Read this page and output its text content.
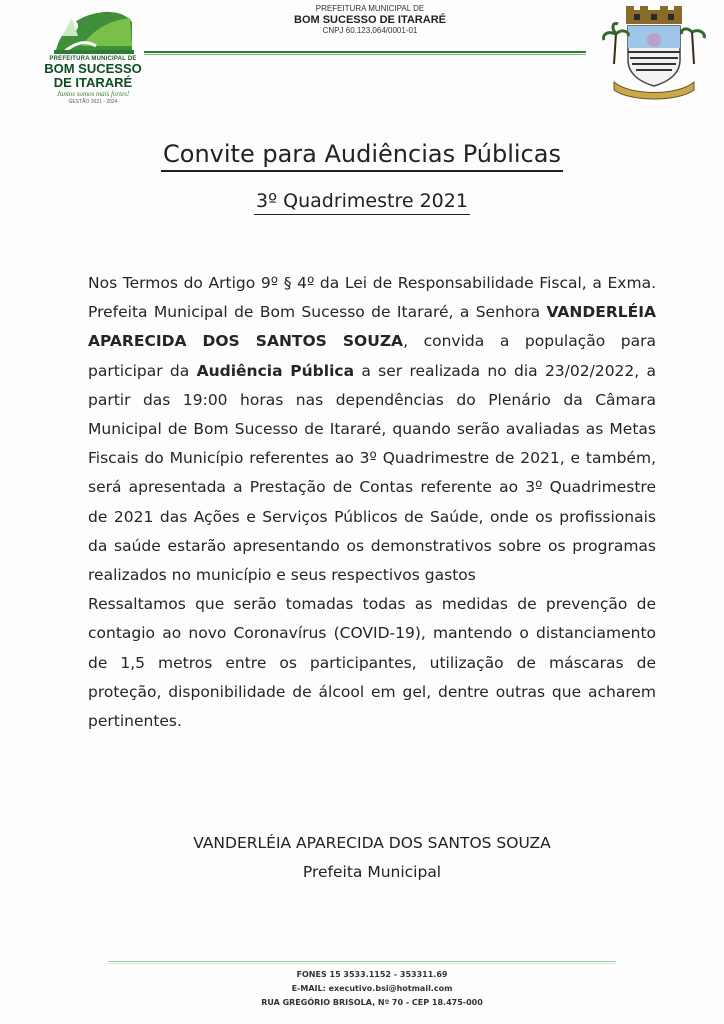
PREFEITURA MUNICIPAL DE
BOM SUCESSO
DE ITARARÉ
Juntos somos mais fortes!
GESTÃO 2021 - 2024
PREFEITURA MUNICIPAL DE
BOM SUCESSO DE ITARARÉ
CNPJ 60.123.064/0001-01
Convite para Audiências Públicas
3º Quadrimestre 2021

Nos Termos do Artigo 9º § 4º da Lei de Responsabilidade Fiscal, a Exma. Prefeita Municipal de Bom Sucesso de Itararé, a Senhora VANDERLÉIA APARECIDA DOS SANTOS SOUZA, convida a população para participar da Audiência Pública a ser realizada no dia 23/02/2022, a partir das 19:00 horas nas dependências do Plenário da Câmara Municipal de Bom Sucesso de Itararé, quando serão avaliadas as Metas Fiscais do Município referentes ao 3º Quadrimestre de 2021, e também, será apresentada a Prestação de Contas referente ao 3º Quadrimestre de 2021 das Ações e Serviços Públicos de Saúde, onde os profissionais da saúde estarão apresentando os demonstrativos sobre os programas realizados no município e seus respectivos gastos

Ressaltamos que serão tomadas todas as medidas de prevenção de contagio ao novo Coronavírus (COVID-19), mantendo o distanciamento de 1,5 metros entre os participantes, utilização de máscaras de proteção, disponibilidade de álcool em gel, dentre outras que acharem pertinentes.

VANDERLÉIA APARECIDA DOS SANTOS SOUZA
Prefeita Municipal
FONES 15 3533.1152 - 353311.69
E-MAIL: executivo.bsi@hotmail.com
RUA GREGÓRIO BRISOLA, Nº 70 - CEP 18.475-000
